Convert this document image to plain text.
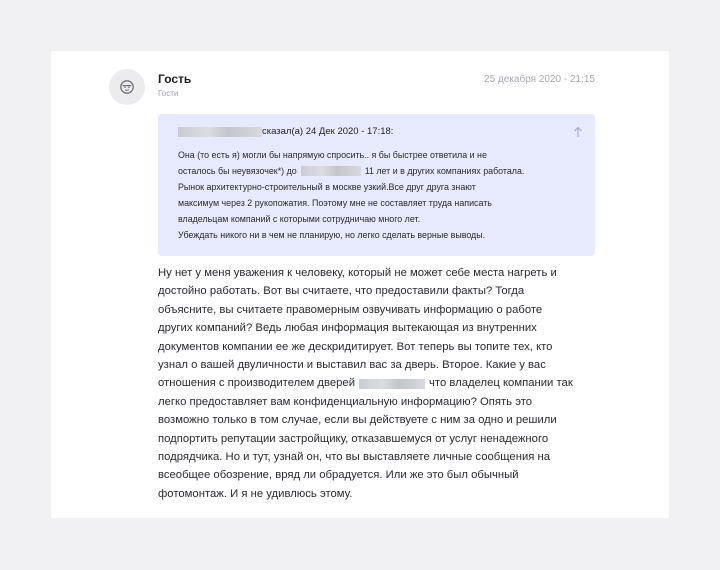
Гость
Гости
25 декабря 2020 - 21:15
сказал(а) 24 Дек 2020 - 17:18:
Она (то есть я) могли бы напрямую спросить.. я бы быстрее ответила и не
осталось бы неувязочек*) до	11 лет и в других компаниях работала.
Рынок архитектурно-строительный в москве узкий.Все друг друга знают
максимум через 2 рукопожатия. Поэтому мне не составляет труда написать
владельцам компаний с которыми сотрудничаю много лет.
Убеждать никого ни в чем не планирую, но легко сделать верные выводы.
Ну нет у меня уважения к человеку, который не может себе места нагреть и
достойно работать. Вот вы считаете, что предоставили факты? Тогда
объясните, вы считаете правомерным озвучивать информацию о работе
других компаний? Ведь любая информация вытекающая из внутренних
документов компании ее же дескридитирует. Вот теперь вы топите тех, кто
узнал о вашей двуличности и выставил вас за дверь. Второе. Какие у вас
отношения с производителем дверей	что владелец компании так
легко предоставляет вам конфиденциальную информацию? Опять это
возможно только в том случае, если вы действуете с ним за одно и решили
подпортить репутации застройщику, отказавшемуся от услуг ненадежного
подрядчика. Но и тут, узнай он, что вы выставляете личные сообщения на
всеобщее обозрение, вряд ли обрадуется. Или же это был обычный
фотомонтаж. И я не удивлюсь этому.
